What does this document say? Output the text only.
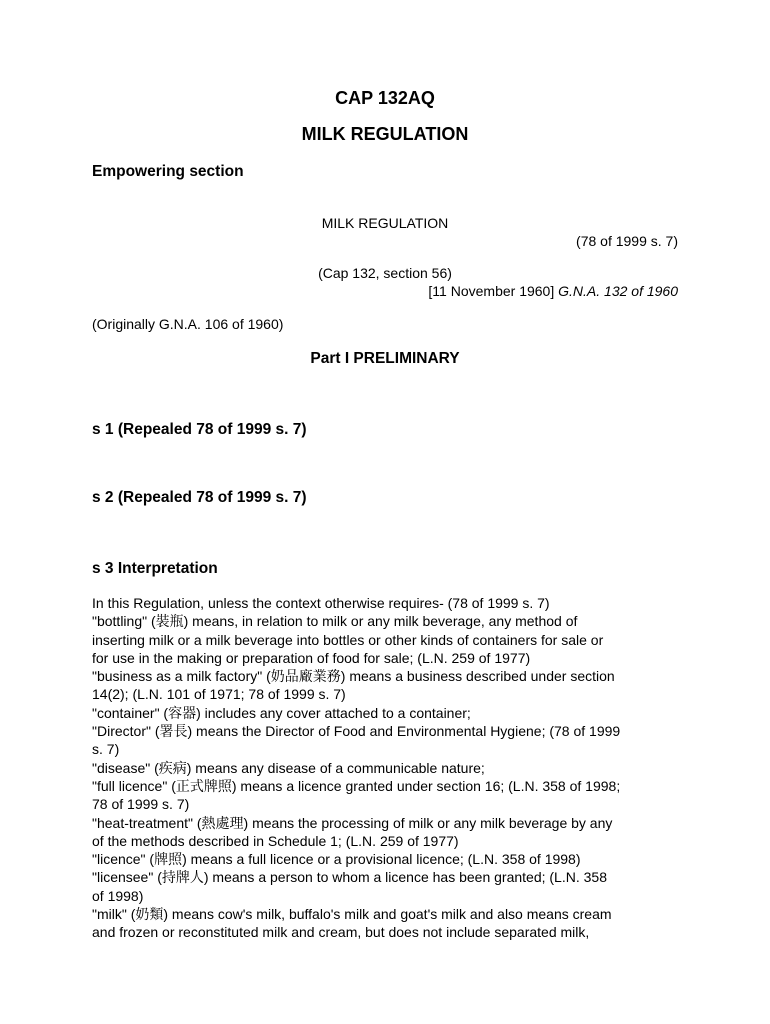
CAP 132AQ
MILK REGULATION
Empowering section
MILK REGULATION
(78 of 1999 s. 7)
(Cap 132, section 56)
[11 November 1960] G.N.A. 132 of 1960
(Originally G.N.A. 106 of 1960)
Part I PRELIMINARY
s 1 (Repealed 78 of 1999 s. 7)
s 2 (Repealed 78 of 1999 s. 7)
s 3 Interpretation
In this Regulation, unless the context otherwise requires- (78 of 1999 s. 7)
"bottling" (裝瓶) means, in relation to milk or any milk beverage, any method of
inserting milk or a milk beverage into bottles or other kinds of containers for sale or
for use in the making or preparation of food for sale; (L.N. 259 of 1977)
"business as a milk factory" (奶品廠業務) means a business described under section
14(2); (L.N. 101 of 1971; 78 of 1999 s. 7)
"container" (容器) includes any cover attached to a container;
"Director" (署長) means the Director of Food and Environmental Hygiene; (78 of 1999
s. 7)
"disease" (疾病) means any disease of a communicable nature;
"full licence" (正式牌照) means a licence granted under section 16; (L.N. 358 of 1998;
78 of 1999 s. 7)
"heat-treatment" (熱處理) means the processing of milk or any milk beverage by any
of the methods described in Schedule 1; (L.N. 259 of 1977)
"licence" (牌照) means a full licence or a provisional licence; (L.N. 358 of 1998)
"licensee" (持牌人) means a person to whom a licence has been granted; (L.N. 358
of 1998)
"milk" (奶類) means cow's milk, buffalo's milk and goat's milk and also means cream
and frozen or reconstituted milk and cream, but does not include separated milk,
